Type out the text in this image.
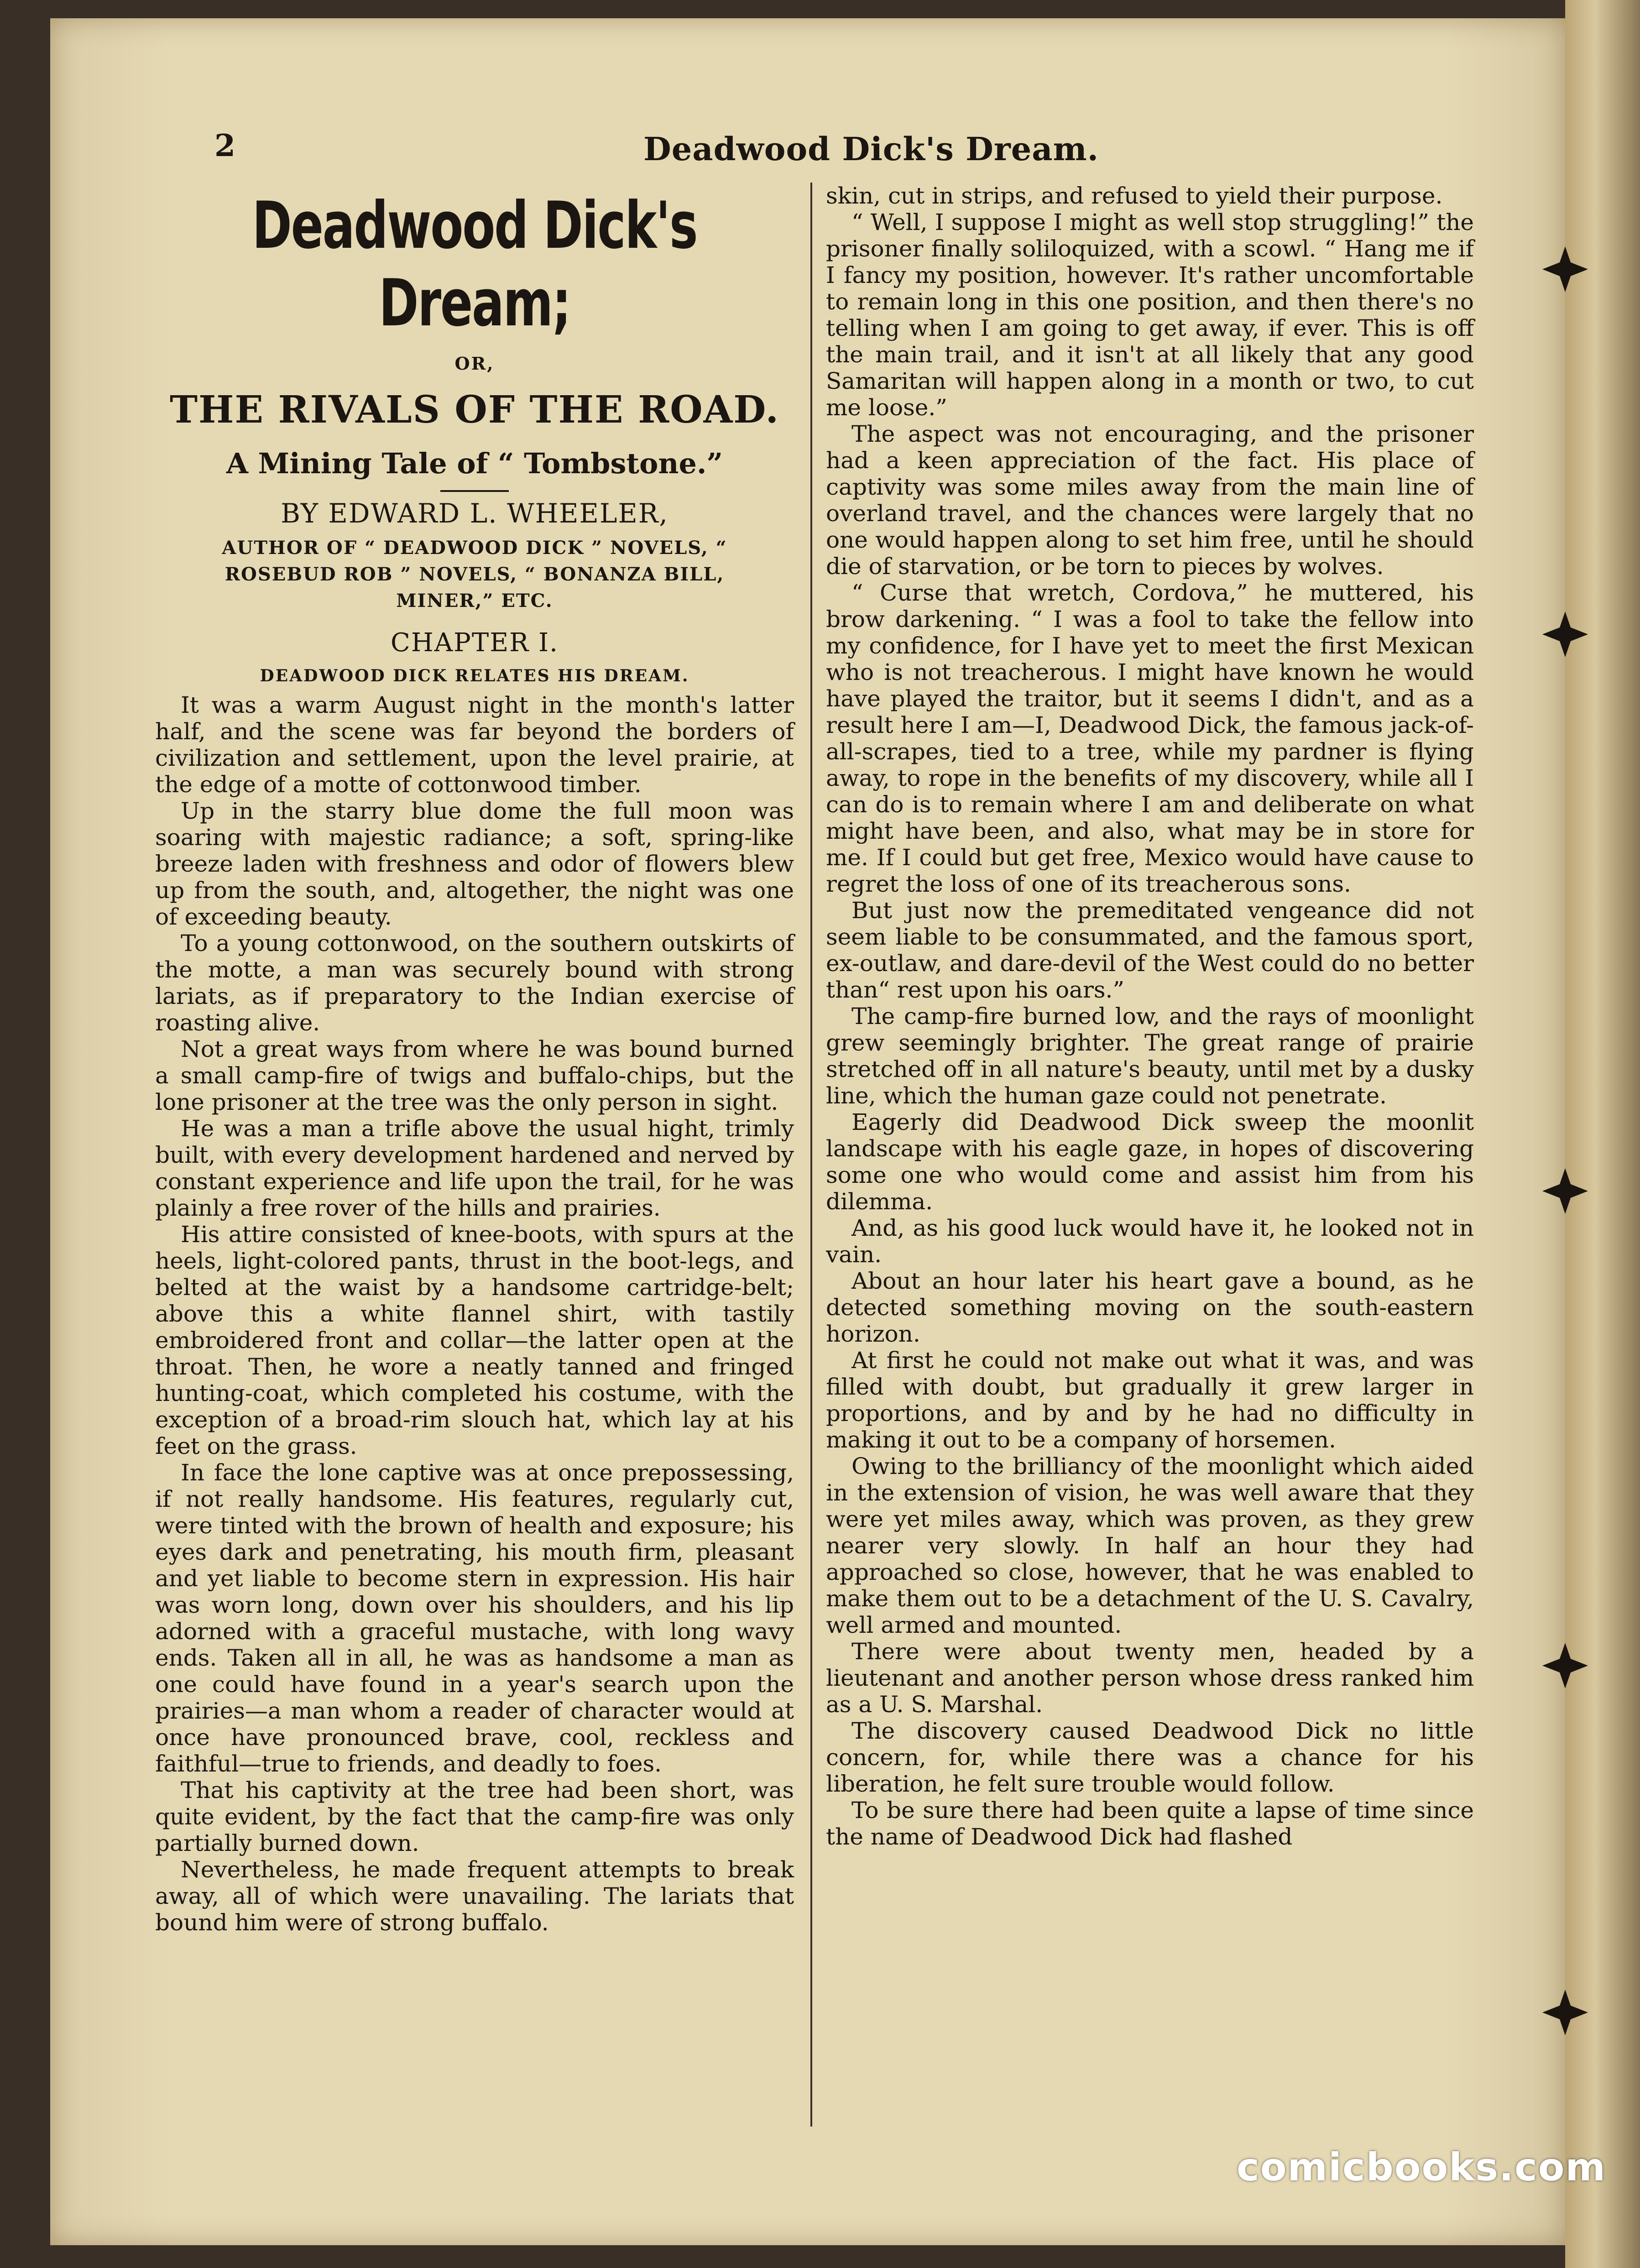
2	Deadwood Dick's Dream.
Deadwood Dick's Dream;
OR,
THE RIVALS OF THE ROAD.
A Mining Tale of “ Tombstone.”
BY EDWARD L. WHEELER,
AUTHOR OF “ DEADWOOD DICK ” NOVELS, “ ROSEBUD ROB ” NOVELS, “ BONANZA BILL, MINER,” ETC.
CHAPTER I.
DEADWOOD DICK RELATES HIS DREAM.

It was a warm August night in the month's latter half, and the scene was far beyond the borders of civilization and settlement, upon the level prairie, at the edge of a motte of cottonwood timber.

Up in the starry blue dome the full moon was soaring with majestic radiance; a soft, spring-like breeze laden with freshness and odor of flowers blew up from the south, and, altogether, the night was one of exceeding beauty.

To a young cottonwood, on the southern outskirts of the motte, a man was securely bound with strong lariats, as if preparatory to the Indian exercise of roasting alive.

Not a great ways from where he was bound burned a small camp-fire of twigs and buffalo-chips, but the lone prisoner at the tree was the only person in sight.

He was a man a trifle above the usual hight, trimly built, with every development hardened and nerved by constant experience and life upon the trail, for he was plainly a free rover of the hills and prairies.

His attire consisted of knee-boots, with spurs at the heels, light-colored pants, thrust in the boot-legs, and belted at the waist by a handsome cartridge-belt; above this a white flannel shirt, with tastily embroidered front and collar—the latter open at the throat. Then, he wore a neatly tanned and fringed hunting-coat, which completed his costume, with the exception of a broad-rim slouch hat, which lay at his feet on the grass.

In face the lone captive was at once prepossessing, if not really handsome. His features, regularly cut, were tinted with the brown of health and exposure; his eyes dark and penetrating, his mouth firm, pleasant and yet liable to become stern in expression. His hair was worn long, down over his shoulders, and his lip adorned with a graceful mustache, with long wavy ends. Taken all in all, he was as handsome a man as one could have found in a year's search upon the prairies—a man whom a reader of character would at once have pronounced brave, cool, reckless and faithful—true to friends, and deadly to foes.

That his captivity at the tree had been short, was quite evident, by the fact that the camp-fire was only partially burned down.

Nevertheless, he made frequent attempts to break away, all of which were unavailing. The lariats that bound him were of strong buffalo.

skin, cut in strips, and refused to yield their purpose.

“ Well, I suppose I might as well stop struggling!” the prisoner finally soliloquized, with a scowl. “ Hang me if I fancy my position, however. It's rather uncomfortable to remain long in this one position, and then there's no telling when I am going to get away, if ever. This is off the main trail, and it isn't at all likely that any good Samaritan will happen along in a month or two, to cut me loose.”

The aspect was not encouraging, and the prisoner had a keen appreciation of the fact. His place of captivity was some miles away from the main line of overland travel, and the chances were largely that no one would happen along to set him free, until he should die of starvation, or be torn to pieces by wolves.

“ Curse that wretch, Cordova,” he muttered, his brow darkening. “ I was a fool to take the fellow into my confidence, for I have yet to meet the first Mexican who is not treacherous. I might have known he would have played the traitor, but it seems I didn't, and as a result here I am—I, Deadwood Dick, the famous jack-of-all-scrapes, tied to a tree, while my pardner is flying away, to rope in the benefits of my discovery, while all I can do is to remain where I am and deliberate on what might have been, and also, what may be in store for me. If I could but get free, Mexico would have cause to regret the loss of one of its treacherous sons.

But just now the premeditated vengeance did not seem liable to be consummated, and the famous sport, ex-outlaw, and dare-devil of the West could do no better than“ rest upon his oars.”

The camp-fire burned low, and the rays of moonlight grew seemingly brighter. The great range of prairie stretched off in all nature's beauty, until met by a dusky line, which the human gaze could not penetrate.

Eagerly did Deadwood Dick sweep the moonlit landscape with his eagle gaze, in hopes of discovering some one who would come and assist him from his dilemma.

And, as his good luck would have it, he looked not in vain.

About an hour later his heart gave a bound, as he detected something moving on the south-eastern horizon.

At first he could not make out what it was, and was filled with doubt, but gradually it grew larger in proportions, and by and by he had no difficulty in making it out to be a company of horsemen.

Owing to the brilliancy of the moonlight which aided in the extension of vision, he was well aware that they were yet miles away, which was proven, as they grew nearer very slowly. In half an hour they had approached so close, however, that he was enabled to make them out to be a detachment of the U. S. Cavalry, well armed and mounted.

There were about twenty men, headed by a lieutenant and another person whose dress ranked him as a U. S. Marshal.

The discovery caused Deadwood Dick no little concern, for, while there was a chance for his liberation, he felt sure trouble would follow.

To be sure there had been quite a lapse of time since the name of Deadwood Dick had flashed

comicbooks.com
